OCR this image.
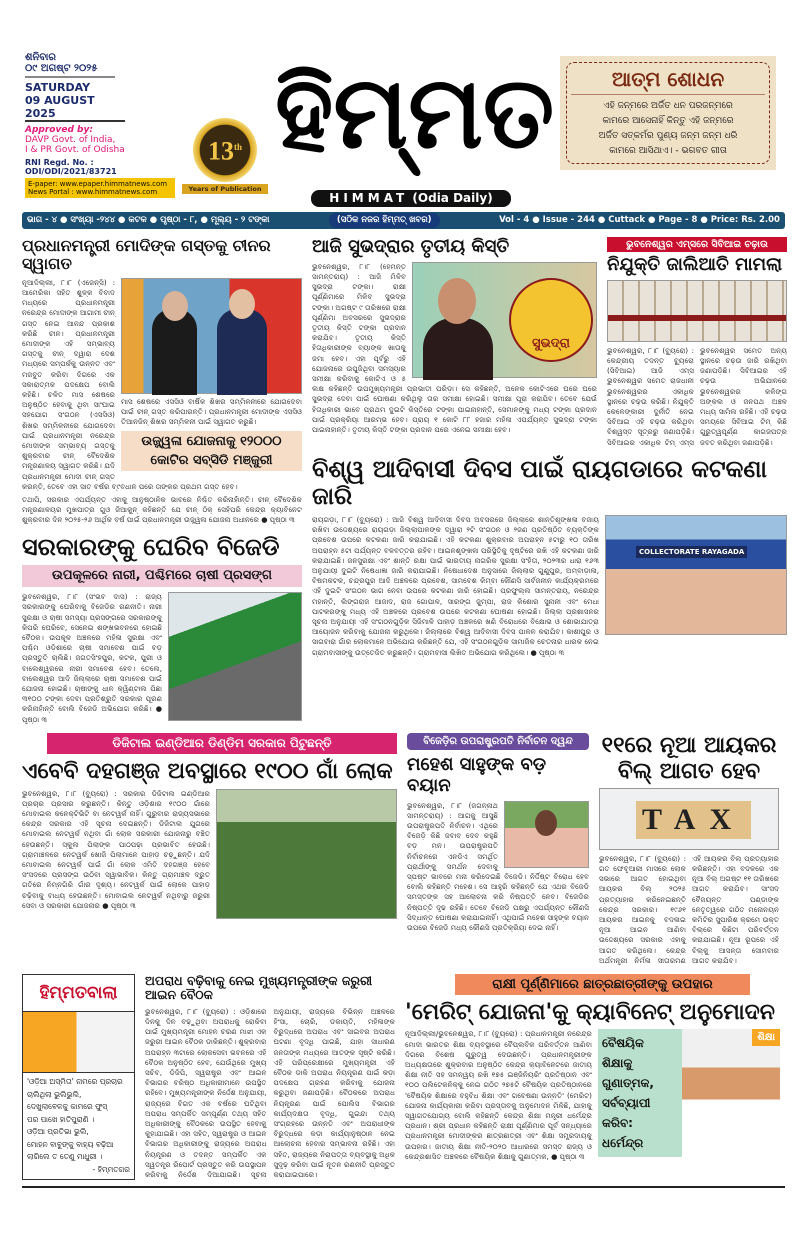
ଶନିବାର
୦୯ ଅଗଷ୍ଟ ୨୦୨୫
SATURDAY
09 AUGUST 2025
Approved by:
DAVP Govt. of India,
I & PR Govt. of Odisha
RNI Regd. No. : ODI/ODI/2021/83721
E-paper: www.epaper.himmatnews.com
News Portal : www.himmatnews.com
13th
Years of Publication
ହିମ୍ମତ
HIMMAT (Odia Daily)
ଆତ୍ମ ଶୋଧନ
ଏହି ଜନ୍ମରେ ଅର୍ଜିତ ଧନ ପରଜନ୍ମରେ
କାମରେ ଆସେନାହିଁ କିନ୍ତୁ ଏହି ଜନ୍ମରେ
ଅର୍ଜିତ ସତ୍‌କର୍ମର ପୁଣ୍ୟ ଜନ୍ମ ଜନ୍ମ ଧରି
କାମରେ ଆସିଥାଏ। - ଭଗବତ ଗୀତା
ଭାଗ - ୪ ● ସଂଖ୍ୟା -୨୪୪ ● କଟକ ● ପୃଷ୍ଠା - ୮, ● ମୂଲ୍ୟ - ୨ ଟଙ୍କା	(ସଠିକ ନଜର ହିମ୍ମତ୍ ଖବର)	Vol - 4 ● Issue - 244 ● Cuttack ● Page - 8 ● Price: Rs. 2.00
ପ୍ରଧାନମନ୍ତ୍ରୀ ମୋଦିଙ୍କ ଗସ୍ତକୁ ଚୀନର ସ୍ୱାଗତ
ମାସ ଶେଷରେ ଏସସିଓ ବାର୍ଷିକ ଶିଖର ସମ୍ମିଳନୀରେ ଯୋଗଦେବା ପାଇଁ ଚୀନ୍ ଗସ୍ତ କରିପାରନ୍ତି। ପ୍ରଧାନମନ୍ତ୍ରୀ ମୋଦୀଙ୍କ ଏସସିଓ ତିଆନଜିନ୍ ଶିଖର ସମ୍ମିଳନୀ ପାଇଁ ସ୍ୱାଗତ କରୁଛି।
ଉଜ୍ଜ୍ୱଳା ଯୋଜନାକୁ ୧୨୦୦୦
କୋଟିର ସବ୍‌ସିଡି ମଞ୍ଜୁରୀ
ନୂଆଦିଲ୍ଲୀ, ୮।୮ (ଏଜେନ୍ସି) : ଆମେରିକା ସହିତ ଶୁଳ୍କ ବିବାଦ ମଧ୍ୟରେ ପ୍ରଧାନମନ୍ତ୍ରୀ ନରେନ୍ଦ୍ର ମୋଦୀଙ୍କ ଆଗାମୀ ଚୀନ୍ ଗସ୍ତ ନେଇ ଆନନ୍ଦ ପ୍ରକାଶ କରିଛି ଚୀନ। ପ୍ରଧାନମନ୍ତ୍ରୀ ମୋଦୀଙ୍କ ଏହି ସମ୍ଭାବ୍ୟ ଗସ୍ତକୁ ଚୀନ୍ ଦ୍ୱାରା ଦେଶ ମଧ୍ୟରେ ସମ୍ପର୍କକୁ ଉନ୍ନତ ଏବଂ ମଜବୁତ କରିବା ଦିଗରେ ଏକ ସକାରାତ୍ମକ ପଦକ୍ଷେପ ବୋଲି କହିଛି। ଚଳିତ ମାସ ଶେଷରେ ଅନୁଷ୍ଠିତ ହେବାକୁ ଥିବା ସାଂଘାଇ ସହଯୋଗ ସଂଗଠନ (ଏସସିଓ) ଶିଖର ସମ୍ମିଳନୀରେ ଯୋଗଦେବା ପାଇଁ ପ୍ରଧାନମନ୍ତ୍ରୀ ନରେନ୍ଦ୍ର ମୋଦୀଙ୍କ ସମ୍ଭାବ୍ୟ ଗସ୍ତକୁ ଶୁକ୍ରବାର ଚୀନ୍ ବୈଦେଶିକ ମନ୍ତ୍ରଣାଳୟ ସ୍ୱାଗତ କରିଛି। ଯଦି ପ୍ରଧାନମନ୍ତ୍ରୀ ମୋଦୀ ଚୀନ୍ ଗସ୍ତ କରନ୍ତି, ତେବେ ଏହା ସାତ ବର୍ଷର ବ୍୯ବଧାନ ପରେ ତାଙ୍କର ପ୍ରଥମ ଗସ୍ତ ହେବ।
ତଥାପି, ସରକାର ଏପର୍ଯ୍ୟନ୍ତ ଏହାକୁ ଆନୁଷ୍ଠାନିକ ଭାବରେ ନିଶ୍ଚିତ କରିନାହାଁନ୍ତି। ଚୀନ୍ ବୈଦେଶିକ ମନ୍ତ୍ରଣାଳୟର ମୁଖପାତ୍ର ଗୁଓ ଜିଆକୁନ୍ କହିଛନ୍ତି ଯେ ଚୀନ୍ ଠିକ୍ ସେହିପରି କେନ୍ଦ୍ର କ୍ୟାବିନେଟ ଶୁକ୍ରବାର ଦିନ ୨୦୨୫-୨୬ ଆର୍ଥିକ ବର୍ଷ ପାଇଁ ପ୍ରଧାନମନ୍ତ୍ରୀ ଉଜ୍ଜ୍ୱଳା ଯୋଜନା ଅଧୀନରେ ● ପୃଷ୍ଠା ୩
ସରକାରଙ୍କୁ ଘେରିବ ବିଜେଡି
ଉପକୂଳରେ ନାରୀ, ପଶ୍ଚିମରେ ଚାଷୀ ପ୍ରସଙ୍ଗ
ଭୁବନେଶ୍ୱର, ୮।୮ (ସଂଭବ ଦାସ) : ରାଜ୍ୟ ସରକାରଙ୍କୁ ଘେରିବାକୁ ବିଜେଡିର ରଣନୀତି। ନାରୀ ସୁରକ୍ଷା ଓ ଚାଷୀ ସମସ୍ୟା ପ୍ରସଙ୍ଗରେ ସରକାରଙ୍କୁ କିପରି ଘେରିବେ, ସେନେଇ ଶଙ୍ଖଭବନରେ ହୋଇଛି ବୈଠକ। ଉପକୂଳ ଅଞ୍ଚଳରେ ମହିଳା ସୁରକ୍ଷା ଏବଂ ପଶ୍ଚିମ ଓଡ଼ିଶାରେ ଚାଷୀ ସମାବେଶ ପାଇଁ ବଡ଼ ପ୍ରସ୍ତୁତି ଚାଲିଛି। ଜଗତସିଂହପୁର, କଟକ, ପୁରୀ ଓ ବାଲେଶ୍ୱରରେ ନାରୀ ସମାବେଶ ହେବ। ତେଲେ, ବାଲେଶ୍ୱର ଆଦି ଜିଲ୍ଲାରେ ଚାଷୀ ସମାବେଶ ପାଇଁ ଯୋଜନା ହୋଇଛି। ଚାଷୀଙ୍କୁ ଧାନ କ୍ୱିଣ୍ଟାଲ ପିଛା ୩୧୦୦ ଟଙ୍କା ଦେବା ପ୍ରତିଶ୍ରୁତି ସରକାର ପୂରଣ କରିନାହାଁନ୍ତି ବୋଲି ବିଜେଡି ଅଭିଯୋଗ କରିଛି। ● ପୃଷ୍ଠା ୩
ଆଜି ସୁଭଦ୍ରାର ତୃତୀୟ କିସ୍ତି
ସୁଭଦ୍ରା
ଭୁବନେଶ୍ୱର, ୮।୮ (ହେମନ୍ତ ସାମନ୍ତରାୟ) : ଆଜି ମିଳିବ ସୁଭଦ୍ରା ଟଙ୍କା। ରାକ୍ଷୀ ପୂର୍ଣ୍ଣିମାରେ ମିଳିବ ସୁଭଦ୍ରା ଟଙ୍କା। ଅଗଷ୍ଟ ୯ ତାରିଖରେ ରାକ୍ଷୀ ପୂର୍ଣ୍ଣିମା ଅବସରରେ ସୁଭଦ୍ରାର ତୃତୀୟ କିସ୍ତି ଟଙ୍କା ପ୍ରଦାନ କରାଯିବ। ତୃତୀୟ କିସ୍ତି ହିତାଧିକାରୀଙ୍କ ବ୍ୟାଙ୍କ ଖାତାକୁ ଜମା ହେବ। ଏହା ପୂର୍ବରୁ ଏହି ଯୋଜନାରେ ଉପୁଜିଥିବା ସମସ୍ୟାର ସମୀକ୍ଷା କରିବାକୁ କୋଟିଏ ଓ ୫ ଲକ୍ଷ କହିଛନ୍ତି ଉପମୁଖ୍ୟମନ୍ତ୍ରୀ ପ୍ରଭାତୀ ପରିଡ଼ା। ସେ କହିଛନ୍ତି, ଅନେକ କୋଟିଏରେ ଘରେ ଘରେ ସୁଭଦ୍ରା ଦେବା ପାଇଁ ଘୋଷଣା କରିଥିଲୁ ତାର ସମୀକ୍ଷା ହୋଇଛି। ସମୀକ୍ଷା ପୂରା କରାଯିବ। ତେବେ ଯେଉଁ ହିତାଧିକାରୀ ଭାବେ ପ୍ରଥମ ଦୁଇଟି କିସ୍ତିରେ ଟଙ୍କା ପାଇନାହାନ୍ତି, ସେମାନଙ୍କୁ ମଧ୍ୟ ଟଙ୍କା ପ୍ରଦାନ ପାଇଁ ପ୍ରକ୍ରିୟା ଆରମ୍ଭ ହେବ। ପ୍ରାୟ ୧ କୋଟି ୮୮ ହଜାର ମହିଳା ଏପର୍ଯ୍ୟନ୍ତ ସୁଭଦ୍ରା ଟଙ୍କା ପାଇନାହାନ୍ତି। ତୃତୀୟ କିସ୍ତି ଟଙ୍କା ପ୍ରଦାନ ପରେ ଏନେଇ ସମୀକ୍ଷା ହେବ।
ଭୁବନେଶ୍ୱର ଏମ୍ସରେ ସିବିଆଇ ଚଢ଼ାଉ
ନିଯୁକ୍ତି ଜାଲିଆତି ମାମଲା
ଭୁବନେଶ୍ୱର, ୮।୮ (ବ୍ୟୁରୋ) : କେନ୍ଦ୍ରୀୟ ତଦନ୍ତ ବ୍ୟୁରୋ (ସିବିଆଇ) ଆଜି ଏମ୍ସ ଭୁବନେଶ୍ୱର ସମେତ ରାଜଧାନୀ ଭୁବନେଶ୍ୱରର ଏକାଧିକ ସ୍ଥାନରେ ଚଢ଼ଉ କରିଛି। ନିଯୁକ୍ତି କେଳେଙ୍କାରୀ ଦୁର୍ନୀତି ନେଇ ସିବିଆଇ ଏହି ଚଢ଼ଉ କରିଥିବା ବିଶ୍ୱସ୍ତ ସୂତ୍ରରୁ ଜଣାପଡ଼ିଛି। ସିବିଆଇର ଏକାଧିକ ଟିମ୍ ଏମ୍ସ ଭୁବନେଶ୍ୱର ସମେତ ଅନ୍ୟ ସ୍ଥାନରେ ଚଢ଼ଉ ଜାରି ରଖିଥିବା ଜଣାପଡ଼ିଛି। ସିବିଆଇର ଏହି ଚଢ଼ଉ ଅଭିଯାନରେ ଭୁବନେଶ୍ୱରର କଳିଙ୍ଗ ଅଙ୍କଲ ଓ ଜନପଥ ଅଞ୍ଚଳ ମଧ୍ୟ ସାମିଲ ରହିଛି। ଏହି ଚଢ଼ଉ ସମୟରେ ସିବିଆଇ ଟିମ୍ କିଛି ଗୁରୁତ୍ୱପୂର୍ଣ୍ଣ କାଗଜପତ୍ର ଜବତ କରିଥିବା ଜଣାପଡ଼ିଛି।
ବିଶ୍ୱ ଆଦିବାସୀ ଦିବସ ପାଇଁ ରାୟଗଡାରେ କଟକଣା ଜାରି
COLLECTORATE RAYAGADA
ରାୟଗଡ଼ା, ୮।୮ (ବ୍ୟୁରୋ) : ଆଜି ବିଶ୍ୱ ଆଦିବାସୀ ଦିବସ ଅବସରରେ ଜିଲ୍ଲାରେ ଶାନ୍ତିଶୃଙ୍ଖଳା ବଜାୟ ରଖିବା ଉଦ୍ଦେଶ୍ୟରେ ରାୟଗଡ଼ା ଜିଲ୍ଲାପାଳଙ୍କ ଦ୍ୱାରା ୨ଟି ସଂଗଠନ ଓ ୨ଜଣ ପ୍ରତିଷ୍ଠିତ ବ୍ୟକ୍ତିଙ୍କ ପ୍ରବେଶ ଉପରେ କଟକଣା ଜାରି କରାଯାଇଛି। ଏହି କଟକଣା ଶୁକ୍ରବାର ଅପରାହ୍ନ ୫ଟାରୁ ୧୦ ତାରିଖ ଅପରାହ୍ନ ୫ଟା ପର୍ଯ୍ୟନ୍ତ ବଳବତ୍ତର ରହିବ। ଆଇନଶୃଙ୍ଖଳା ପରିସ୍ଥିତିକୁ ଦୃଷ୍ଟିରେ ରଖି ଏହି କଟକଣା ଜାରି କରାଯାଇଛି। ଜନସୁରକ୍ଷା ଏବଂ ଶାନ୍ତି ରକ୍ଷା ପାଇଁ ଭାରତୀୟ ନାଗରିକ ସୁରକ୍ଷା ସଂହିତା, ୨୦୨୩ର ଧାରା ୧୬୩ ଅନୁଯାୟୀ ଦୁଇଟି ନିଷେଧାଜ୍ଞା ଜାରି କରାଯାଇଛି। ନିଷେଧାଦେଶ ଅନୁସାରେ ଜିଲ୍ଲାର ଗୁଣୁପୁର, ଅମ୍ବାଡ଼ାଳା, ବିଷମକଟକ, ଚନ୍ଦ୍ରପୁର ଆଦି ଅଞ୍ଚଳରେ ପ୍ରବେଶ, ସାମବେଶ କିମ୍ବା କୌଣସି ସାର୍ବଜନୀନ କାର୍ଯ୍ୟକ୍ରମରେ ଏହି ଦୁଇଟି ସଂଗଠନ ଭାଗ ନେବା ଉପରେ କଟକଣା ଜାରି ହୋଇଛି। ପ୍ରଫୁଲ୍ଲ ସାମନ୍ତରାୟ, ନରେନ୍ଦ୍ର ମହାନ୍ତି, ଲିଙ୍ଗରାଜ ଆଜାଦ, ରାଜ ଗୋପାଳ, ସାରଙ୍ଗ ଜୁମ୍ପା, ରାଜ କିଶୋର ସୁନାନୀ ଏବଂ ମେଧା ପାଟକରଙ୍କୁ ମଧ୍ୟ ଏହି ଅଞ୍ଚଳରେ ପ୍ରବେଶ ଉପରେ କଟକଣା ଘୋଷଣା ହୋଇଛି। ଜିଲ୍ଲା ପ୍ରଶାସନର ସୂଚନା ଅନୁଯାୟୀ ଏହି ସଂଗଠନଗୁଡ଼ିକ ସିଜିମାଳି ପାହାଡ଼ ଅଞ୍ଚଳରେ ଖଣି ବିରୋଧରେ ବିକ୍ଷୋଭ ଓ ଶୋଭାଯାତ୍ରା ଆୟୋଜନ କରିବାକୁ ଯୋଜନା କରୁଥିଲେ। ଜିଲ୍ଲାରେ ବିଶ୍ୱ ଆଦିବାସୀ ଦିବସ ପାଳନ କରାଯିବ। କାଶୀପୁର ଓ ସାଗବାରା ଗାଁର ଲୋକମାନେ ଅଭିଯୋଗ କରିଛନ୍ତି ଯେ, ଏହି ସଂଗଠନଗୁଡ଼ିକ ସାମାଜିକ ଚେତନାର ଧାରକ ନେଇ ଗ୍ରାମବାସୀଙ୍କୁ ଉତ୍ତେଜିତ କରୁଛନ୍ତି। ଗ୍ରାମବାସୀ ଲିଖିତ ଅଭିଯୋଗ କରିଥିଲେ। ● ପୃଷ୍ଠା ୩
ଡିଜିଟାଲ ଇଣ୍ଡିଆର ଡିଣ୍ଡିମ ସରକାର ପିଟୁଛନ୍ତି
ଏବେବି ଦହଗଞ୍ଜ ଅବସ୍ଥାରେ ୧୯୦୦ ଗାଁ ଲୋକ
ଭୁବନେଶ୍ୱର, ୮।୮ (ବ୍ୟୁରୋ) : ସରକାର ଡିଜିଟାଲ ଇଣ୍ଡିଆର ପ୍ରଚାର ପ୍ରସାର କରୁଛନ୍ତି। କିନ୍ତୁ ଓଡ଼ିଶାର ୧୯୦୦ ଗାଁରେ ମୋବାଇଲ କନେକ୍ଟିଭିଟି ବା ନେଟୱର୍କ ନାହିଁ। ଗୁରୁବାର ରାଜ୍ୟସଭାରେ କେନ୍ଦ୍ର ସରକାର ଏହି ସୂଚନା ଦେଇଛନ୍ତି। ଡିଜିଟାଲ ଯୁଗରେ ମୋବାଇଲ ନେଟୱର୍କ ନଥିବା ଗାଁ ଲୋକ ସରକାରୀ ଯୋଜନାରୁ ବଞ୍ଚିତ ହେଉଛନ୍ତି। ସ୍କୁଲ ପିଲାଙ୍କ ପାଠପଢ଼ା ପ୍ରଭାବିତ ହେଉଛି। ଗ୍ରାମାଞ୍ଚଳରେ ନେଟୱର୍କ ଖୋଜି ପିଲାମାନେ ପାହାଡ଼ ଚଢ଼ୁଛନ୍ତି। ଯଦି ମୋବାଇଲ ନେଟୱର୍କ ପାଇଁ ଗାଁ ଲୋକ ଏମିତି ଦହଗଞ୍ଜ ହେବେ ସଂସଦରେ ପ୍ରସଙ୍ଗ ଉଠିବା ସ୍ୱାଭାବିକ। କିନ୍ତୁ ଗ୍ରାମାଞ୍ଚଳ ଦ୍ରୁତ ଗତିରେ ନିମ୍ନଗିରି ଗାଁର ଦୃଶ୍ୟ। ନେଟୱର୍କ ପାଇଁ ଲୋକେ ପାହାଡ଼ ଚଢ଼ିବାକୁ ବାଧ୍ୟ ହେଉଛନ୍ତି। ମୋବାଇଲ ନେଟୱର୍କ ନଥିବାରୁ ଜରୁରୀ ସେବା ଓ ସରକାରୀ ଯୋଜନାର ● ପୃଷ୍ଠା ୩
ବିଜେଡ଼ିର ଉପରାଷ୍ଟ୍ରପତି ନିର୍ବାଚନ ଦ୍ୱନ୍ଦ
ମହେଶ ସାହୁଙ୍କ ବଡ଼ ବୟାନ
ଭୁବନେଶ୍ୱର, ୮।୮ (ଜଗନ୍ନାଥ ସାମନ୍ତରାୟ) : ଆଗକୁ ଆସୁଛି ଉପରାଷ୍ଟ୍ରପତି ନିର୍ବାଚନ। ଏଥିରେ ବିଜେଡ଼ି କିଛି ଜବାବ ଦେବ କହୁଛି ବଡ଼ ମନ। ଉପରାଷ୍ଟ୍ରପତି ନିର୍ବାଚନରେ ଏନଡିଏ ସମର୍ଥିତ ପ୍ରାର୍ଥୀଙ୍କୁ ସମର୍ଥନ ଦେବାକୁ ସ୍ପଷ୍ଟ ଭାବରେ ମନା କରିଦେଇଛି ବିଜେଡି। ନିର୍ଦ୍ଦିଷ୍ଟ ବିରୋଧ ହେବ ବୋଲି କହିଛନ୍ତି ମହେଶ। ସେ ଆହୁରି କହିଛନ୍ତି ଯେ ଏଥର ବିଜେଡି ସମସ୍ତଙ୍କ ସହ ଆଲୋଚନା କରି ନିଷ୍ପତ୍ତି ନେବ। ବିଜେଡିର ନିଷ୍ପତ୍ତି ଦୃଢ ରହିଛି। ତେବେ ବିଜେଡି ପକ୍ଷରୁ ଏପର୍ଯ୍ୟନ୍ତ କୌଣସି ସିଦ୍ଧାନ୍ତ ଘୋଷଣା କରାଯାଇନାହିଁ। ଏଥିପାଇଁ ମହେଶ ସାହୁଙ୍କ ବୟାନ ଉପରେ ବିଜେଡି ମଧ୍ୟ କୌଣସି ପ୍ରତିକ୍ରିୟା ଦେଇ ନାହିଁ।
୧୧ରେ ନୂଆ ଆୟକର
ବିଲ୍ ଆଗତ ହେବ
TAX
ଭୁବନେଶ୍ୱର, ୮।୮ (ବ୍ୟୁରୋ) : ଗତ ଫେବୃଆରୀ ମାସରେ ଲୋକ ସଭାରେ ଆଗତ ହୋଇଥିବା ଆୟକର ବିଲ୍ ୨୦୨୫ ପ୍ରତ୍ୟାହାର କରିନେଇଛନ୍ତି କେନ୍ଦ୍ର ସରକାର। ୧୯୬୧ ଆୟକର ଆଇନକୁ ବଦଳାଇ ନୂଆ ଆଇନ ଆଣିବା ଉଦ୍ଦେଶ୍ୟରେ ସରକାର ଏହାକୁ ଆଗତ କରିଥିଲେ। କେନ୍ଦ୍ର ଅର୍ଥମନ୍ତ୍ରୀ ନିର୍ମଳା ସୀତାରମଣ ଏହି ଆୟକର ବିଲ୍ ପ୍ରତ୍ୟାହାର କରିଛନ୍ତି। ଏହା ବଦଳରେ ଏକ ନୂଆ ବିଲ୍ ଅଗଷ୍ଟ ୧୧ ତାରିଖରେ ଆଗତ କରାଯିବ। ସାଂସଦ ବୈଜୟନ୍ତ ପଣ୍ଡାଙ୍କ ନେତୃତ୍ୱରେ ଗଠିତ ମନୋନୟନ କମିଟିର ସୁପାରିଶ କ୍ରମେ ଉକ୍ତ ବିଲ୍‌ରେ କିଛିଟା ପରିବର୍ତ୍ତନ କରାଯାଇଛି। ନୂଆ ରୂପରେ ଏହି ବିଲ୍‌କୁ ଆସନ୍ତା ସୋମବାର ଆଗତ କରାଯିବ।
ହିମ୍ମତବାଲା
'ଓଡ଼ିଆ ଅସ୍ମିତା' ନାମରେ ପ୍ରଚାର
ଚାଲିଥିଲା ଭୁଲିଭୁଲି,
ଦେଖୁଲାବେଳକୁ କାମରେ ଫୁସ୍
ପର ପାଖେ ହାତିପୁରାଣି ।
ଓଡ଼ିଆ ପ୍ରତିଭା ଭୁଲି,
ମୋହନ ବାବୁଙ୍କୁ ବାହ୍ୟ ବଢ଼ିଆ
ଲାଗିଲେ ତ ତେଣୁ ମାଧୁରୀ ।
- ହିମ୍ମତଗର
ଅପରାଧ ବଢ଼ିବାକୁ ନେଇ ମୁଖ୍ୟମନ୍ତ୍ରୀଙ୍କ ଜରୁରୀ ଆଇନ ବୈଠକ
ଭୁବନେଶ୍ୱର, ୮।୮ (ବ୍ୟୁରୋ) : ଓଡ଼ିଶାରେ ଦିନକୁ ଦିନ ବଢ଼ୁଥିବା ଅପରାଧକୁ ରୋକିବା ପାଇଁ ମୁଖ୍ୟମନ୍ତ୍ରୀ ମୋହନ ଚରଣ ମାଝୀ ଏକ ଜରୁରୀ ଆଇନ ବୈଠକ ଡାକିଛନ୍ତି। ଶୁକ୍ରବାର ଅପରାହ୍ନ ୩ଟାରେ ଲୋକସେବା ଭବନରେ ଏହି ବୈଠକ ଅନୁଷ୍ଠିତ ହେବ, ଯେଉଁଥିରେ ମୁଖ୍ୟ ସଚିବ, ଡିଜିପି, ସ୍ୱରାଷ୍ଟ୍ର ଏବଂ ଆଇନ ବିଭାଗର ବରିଷ୍ଠ ଅଧିକାରୀମାନେ ଉପସ୍ଥିତ ରହିବେ। ମୁଖ୍ୟମନ୍ତ୍ରୀଙ୍କ ନିର୍ଦ୍ଦେଶ ଅନୁଯାୟୀ, ରାଜ୍ୟରେ ବିଗତ ଏକ ବର୍ଷରେ ଘଟିଥିବା ଅପରାଧ ସମ୍ପର୍କିତ ସମ୍ପୂର୍ଣ୍ଣ ତଥ୍ୟ ସହିତ ଅଧିକାରୀଙ୍କୁ ବୈଠକରେ ଉପସ୍ଥିତ ହେବାକୁ କୁହାଯାଇଛି। ଏହା ସହିତ, ସ୍ୱରାଷ୍ଟ୍ର ଓ ଆଇନ ବିଭାଗର ଅଧିକାରୀଙ୍କୁ ରାଜ୍ୟରେ ଅପରାଧ ନିୟନ୍ତ୍ରଣ ଓ ତଦନ୍ତ ସମ୍ପର୍କିତ ଏକ ସ୍ୱତନ୍ତ୍ର ରିପୋର୍ଟ ପ୍ରସ୍ତୁତ କରି ଉପସ୍ଥାପନ କରିବାକୁ ନିର୍ଦ୍ଦେଶ ଦିଆଯାଇଛି। ସୂଚନା ଅନୁଯାୟୀ, ରାଜ୍ୟରେ ବିଭିନ୍ନ ଅଞ୍ଚଳରେ ହିଂସା, ଚୋରି, ଡକାୟତି, ମହିଳାଙ୍କ ବିରୁଦ୍ଧରେ ଅପରାଧ ଏବଂ ସାଇବର ଅପରାଧ ଘଟଣା ବୃଦ୍ଧି ପାଇଛି, ଯାହା ସାଧାରଣ ଜନତାଙ୍କ ମଧ୍ୟରେ ଆତଙ୍କ ସୃଷ୍ଟି କରିଛି। ଏହି ପରିପ୍ରେକ୍ଷୀରେ ମୁଖ୍ୟମନ୍ତ୍ରୀ ଏହି ବୈଠକ ଡାକି ଅପରାଧ ନିୟନ୍ତ୍ରଣ ପାଇଁ କଡ଼ା ପଦକ୍ଷେପ ଗ୍ରହଣ କରିବାକୁ ଯୋଜନା କରୁଥିବା ଜଣାପଡ଼ିଛି। ବୈଠକରେ ଅପରାଧ ନିୟନ୍ତ୍ରଣ ପାଇଁ ପୋଲିସ ବିଭାଗର କାର୍ଯ୍ୟଦକ୍ଷତା ବୃଦ୍ଧି, ଗୁଇନ୍ଦା ତଥ୍ୟ ସଂଗ୍ରହରେ ଉନ୍ନତି ଏବଂ ଅପରାଧୀଙ୍କ ବିରୁଦ୍ଧରେ କଡ଼ା କାର୍ଯ୍ୟାନୁଷ୍ଠାନ ନେଇ ଆଲୋଚନା ହେବାର ସମ୍ଭାବନା ରହିଛି। ଏହା ସହିତ, ରାଜ୍ୟରେ ନିରାପତ୍ତା ବ୍ୟବସ୍ଥାକୁ ଅଧିକ ସୁଦୃଢ଼ କରିବା ପାଇଁ ନୂତନ ରଣନୀତି ପ୍ରସ୍ତୁତ କରାଯାଇପାରେ।
ରାକ୍ଷୀ ପୂର୍ଣ୍ଣିମାରେ ଛାତ୍ରଛାତ୍ରୀଙ୍କୁ ଉପହାର
'ମେରିଟ୍ ଯୋଜନା'କୁ କ୍ୟାବିନେଟ୍ ଅନୁମୋଦନ
ବୈଷୟିକ ଶିକ୍ଷାକୁ ଗୁଣାତ୍ମକ, ସର୍ବବ୍ୟାପୀ କରିବ: ଧର୍ମେନ୍ଦ୍ର
ଶିକ୍ଷା
ନୂଆଦିଲ୍ଲୀ/ଭୁବନେଶ୍ୱର, ୮।୮ (ବ୍ୟୁରୋ) : ପ୍ରଧାନମନ୍ତ୍ରୀ ନରେନ୍ଦ୍ର ମୋଦୀ ଭାରତର ଶିକ୍ଷା ବ୍ୟବସ୍ଥାରେ ବୈପ୍ଲବିକ ପରିବର୍ତ୍ତନ ଆଣିବା ଦିଗରେ ବିଶେଷ ଗୁରୁତ୍ୱ ଦେଉଛନ୍ତି। ପ୍ରଧାନମନ୍ତ୍ରୀଙ୍କ ଅଧ୍ୟକ୍ଷତାରେ ଶୁକ୍ରବାର ଅନୁଷ୍ଠିତ କେନ୍ଦ୍ର କ୍ୟାବିନେଟରେ ଜାତୀୟ ଶିକ୍ଷା ନୀତି ସହ ସମନ୍ୱୟ ରଖି ୧୭୫ ଇଞ୍ଜିନିୟରିଂ ପ୍ରତିଷ୍ଠାନ ଏବଂ ୧୦୦ ପଲିଟେକନିକ୍‌କୁ ନେଇ ଗଠିତ ୨୭୫ଟି ବୈଷୟିକ ପ୍ରତିଷ୍ଠାନରେ 'ବୈଷୟିକ ଶିକ୍ଷାରେ ବହୁବିଧ ଶିକ୍ଷା ଏବଂ ଗବେଷଣା ଉନ୍ନତି' (ମେରିଟ) ଯୋଜନା କାର୍ଯ୍ୟକାରୀ କରିବା ପ୍ରସ୍ତାବକୁ ଅନୁମୋଦନ ମିଳିଛି, ଯାହାକୁ ସ୍ୱାଗତଯୋଗ୍ୟ ବୋଲି କହିଛନ୍ତି କେନ୍ଦ୍ର ଶିକ୍ଷା ମନ୍ତ୍ରୀ ଧର୍ମେନ୍ଦ୍ର ପ୍ରଧାନ। ଶ୍ରୀ ପ୍ରଧାନ କହିଛନ୍ତି ରାକ୍ଷୀ ପୂର୍ଣ୍ଣିମାର ପୂର୍ବ ସନ୍ଧ୍ୟାରେ ପ୍ରଧାନମନ୍ତ୍ରୀ ମୋଦୀଙ୍କର ଛାତ୍ରଛାତ୍ରୀ ଏବଂ ଶିକ୍ଷା ସମ୍ପ୍ରଦାୟକୁ ଉପହାର। ଜାତୀୟ ଶିକ୍ଷା ନୀତି-୨୦୨୦ ଆଧାରରେ ସମସ୍ତ ରାଜ୍ୟ ଓ କେନ୍ଦ୍ରଶାସିତ ଅଞ୍ଚଳରେ ବୈଷୟିକ ଶିକ୍ଷାକୁ ଗୁଣାତ୍ମକ, ● ପୃଷ୍ଠା ୩
